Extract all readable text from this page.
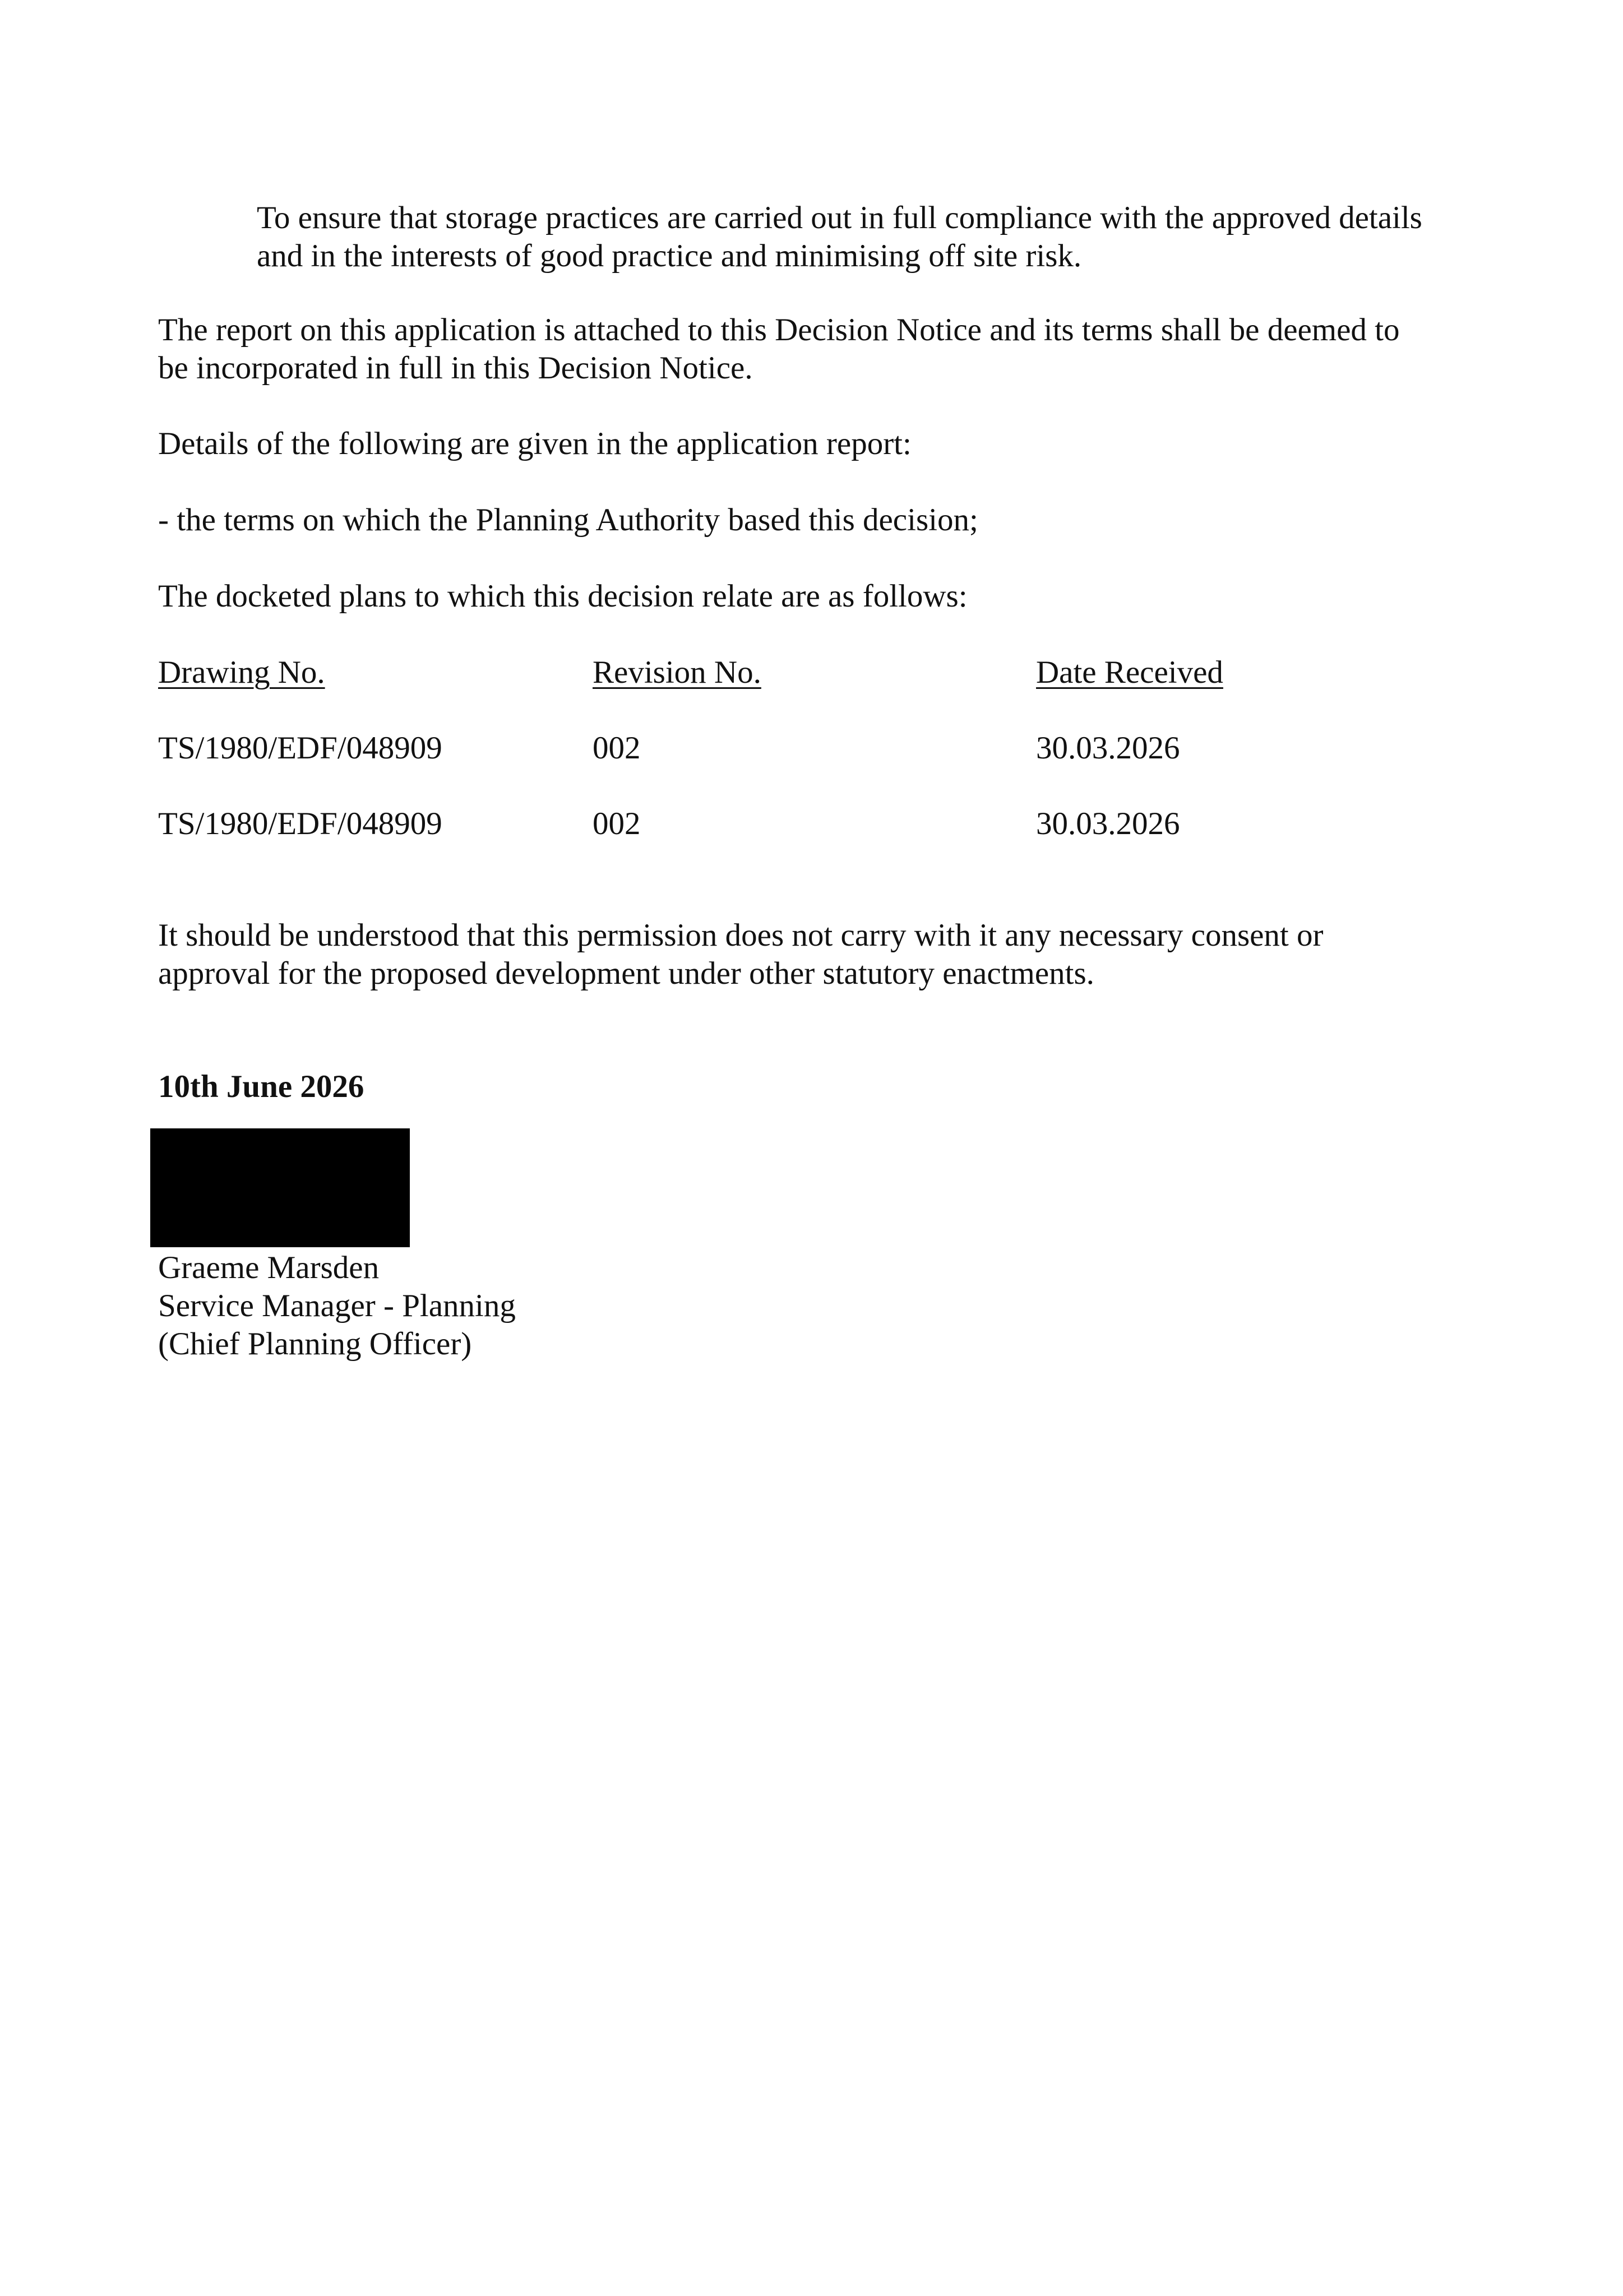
To ensure that storage practices are carried out in full compliance with the approved details
and in the interests of good practice and minimising off site risk.
The report on this application is attached to this Decision Notice and its terms shall be deemed to
be incorporated in full in this Decision Notice.
Details of the following are given in the application report:
- the terms on which the Planning Authority based this decision;
The docketed plans to which this decision relate are as follows:
Drawing No.	Revision No.	Date Received
TS/1980/EDF/048909	002	30.03.2026
TS/1980/EDF/048909	002	30.03.2026
It should be understood that this permission does not carry with it any necessary consent or
approval for the proposed development under other statutory enactments.
10th June 2026
Graeme Marsden
Service Manager - Planning
(Chief Planning Officer)
